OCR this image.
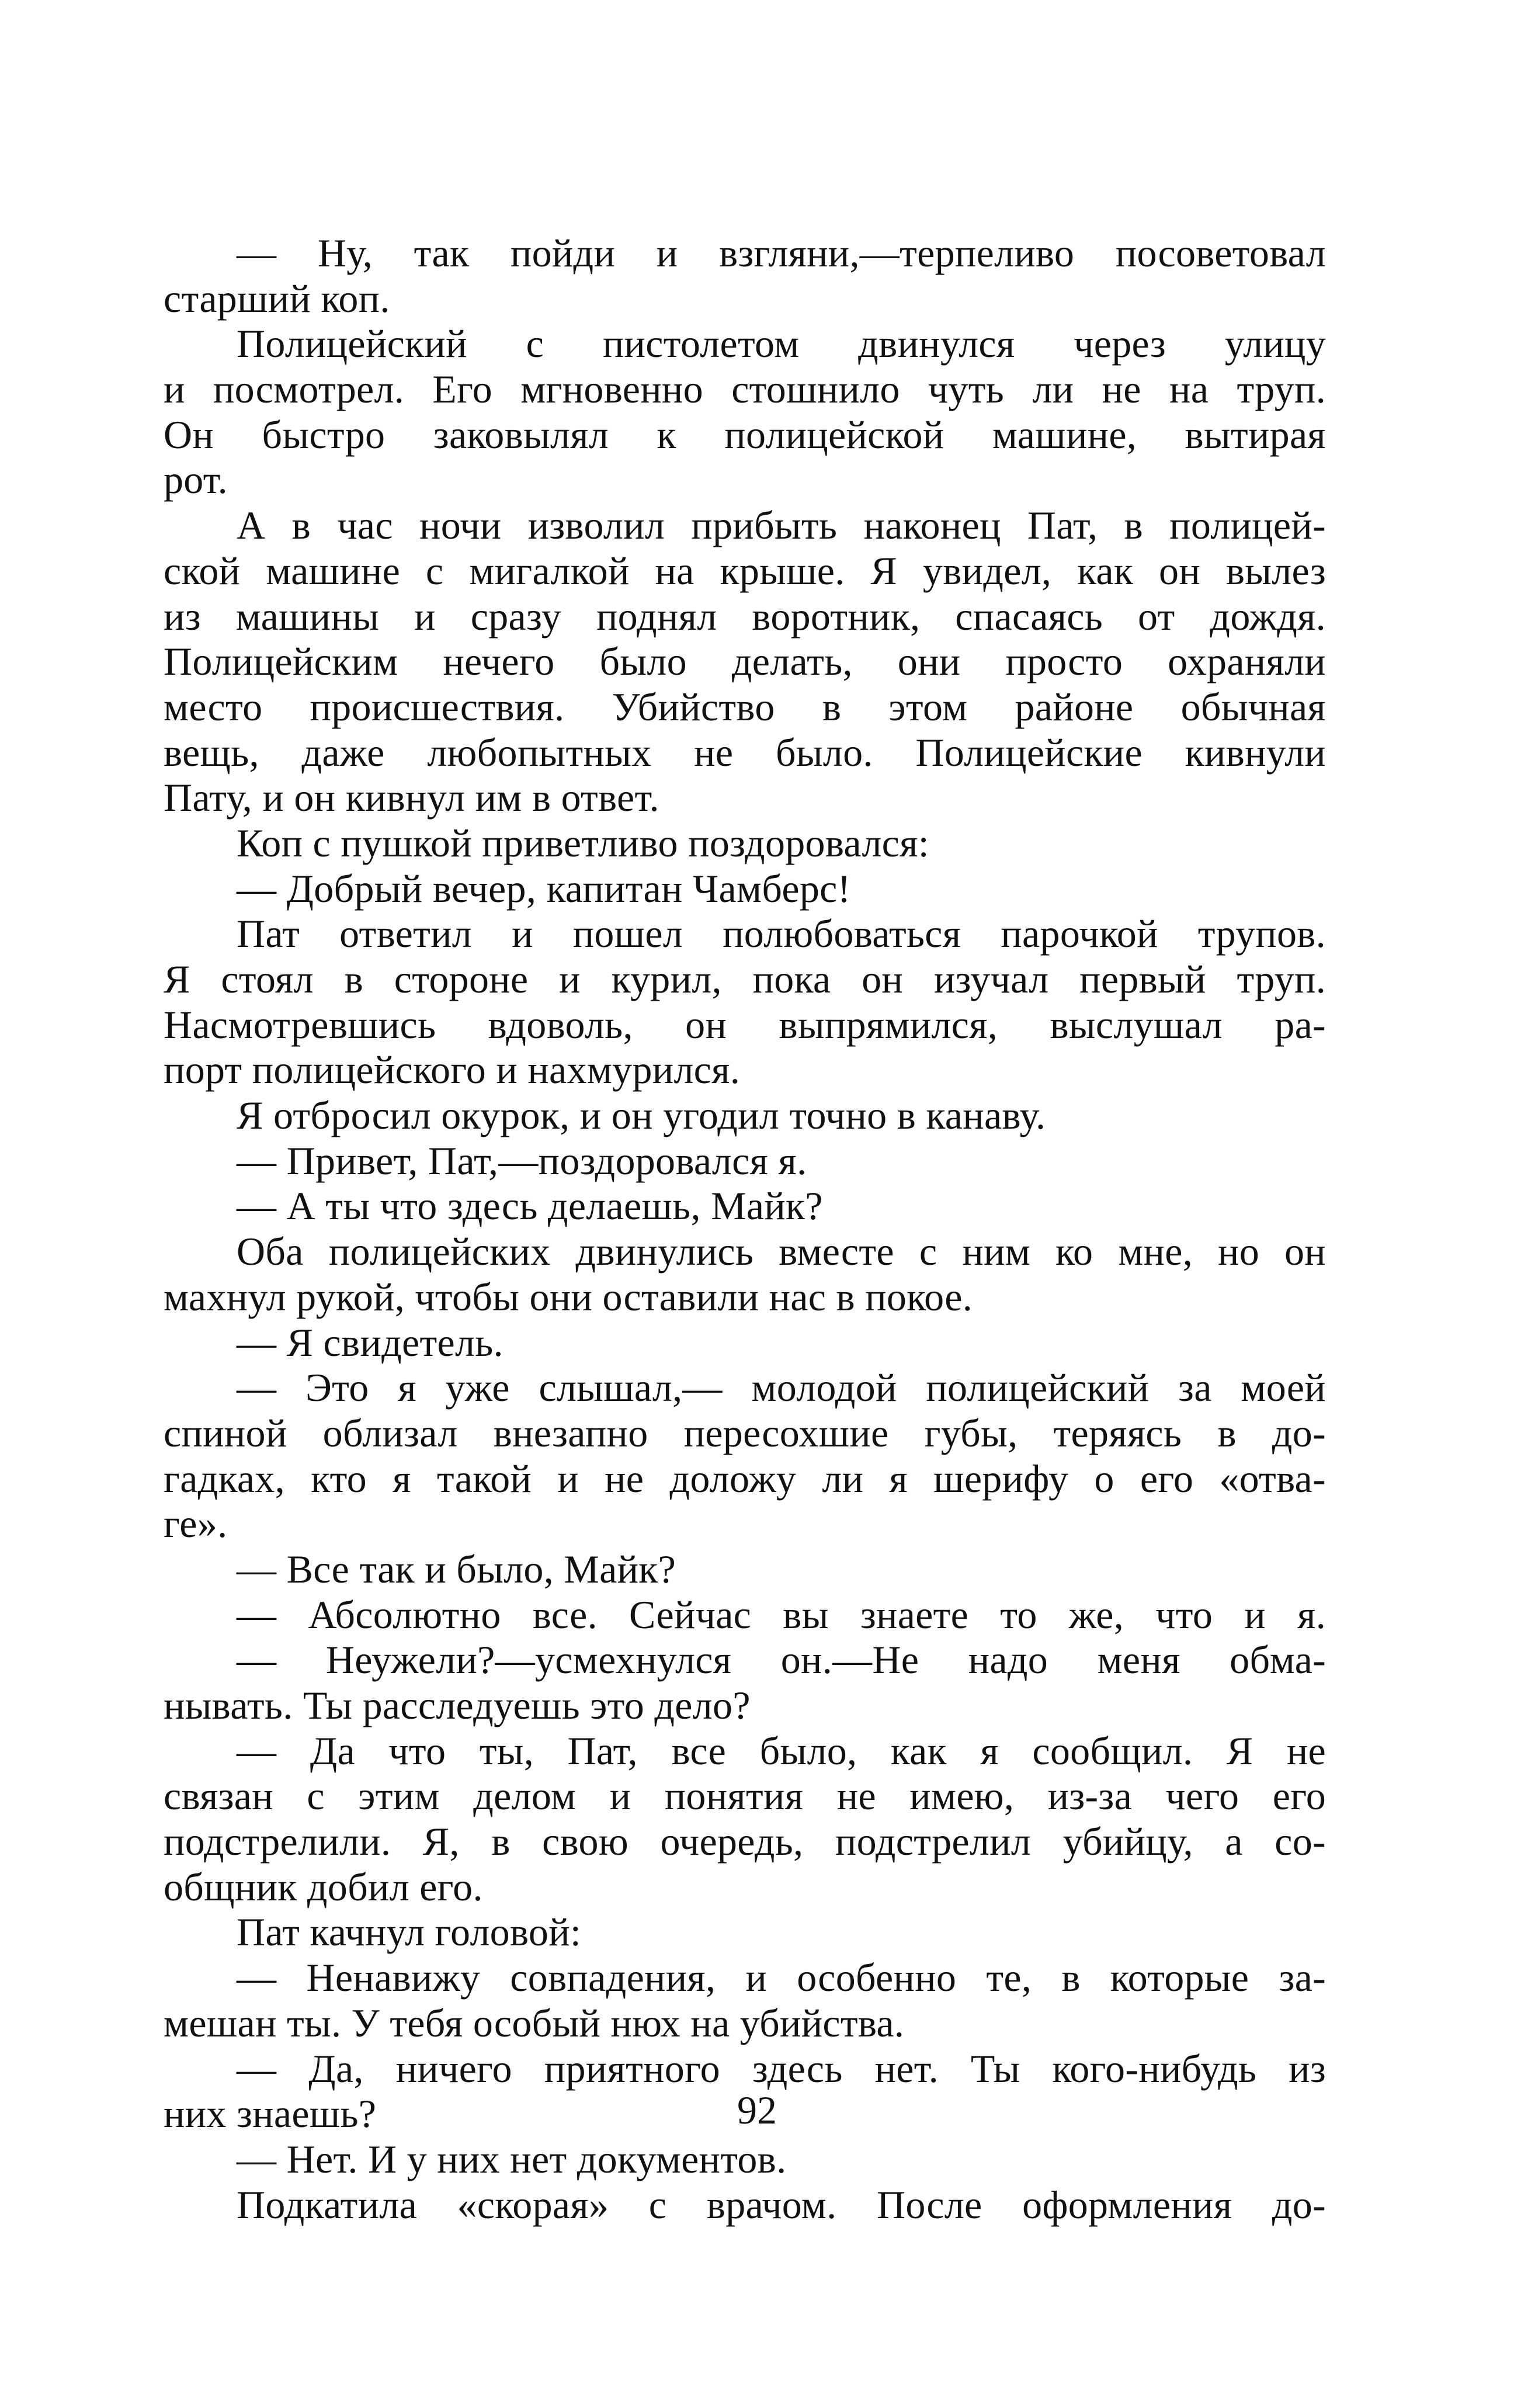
— Ну, так пойди и взгляни,—терпеливо посоветовал
старший коп.
Полицейский с пистолетом двинулся через улицу
и посмотрел. Его мгновенно стошнило чуть ли не на труп.
Он быстро заковылял к полицейской машине, вытирая
рот.
А в час ночи изволил прибыть наконец Пат, в полицей-
ской машине с мигалкой на крыше. Я увидел, как он вылез
из машины и сразу поднял воротник, спасаясь от дождя.
Полицейским нечего было делать, они просто охраняли
место происшествия. Убийство в этом районе обычная
вещь, даже любопытных не было. Полицейские кивнули
Пату, и он кивнул им в ответ.
Коп с пушкой приветливо поздоровался:
— Добрый вечер, капитан Чамберс!
Пат ответил и пошел полюбоваться парочкой трупов.
Я стоял в стороне и курил, пока он изучал первый труп.
Насмотревшись вдоволь, он выпрямился, выслушал ра-
порт полицейского и нахмурился.
Я отбросил окурок, и он угодил точно в канаву.
— Привет, Пат,—поздоровался я.
— А ты что здесь делаешь, Майк?
Оба полицейских двинулись вместе с ним ко мне, но он
махнул рукой, чтобы они оставили нас в покое.
— Я свидетель.
— Это я уже слышал,— молодой полицейский за моей
спиной облизал внезапно пересохшие губы, теряясь в до-
гадках, кто я такой и не доложу ли я шерифу о его «отва-
ге».
— Все так и было, Майк?
— Абсолютно все. Сейчас вы знаете то же, что и я.
— Неужели?—усмехнулся он.—Не надо меня обма-
нывать. Ты расследуешь это дело?
— Да что ты, Пат, все было, как я сообщил. Я не
связан с этим делом и понятия не имею, из-за чего его
подстрелили. Я, в свою очередь, подстрелил убийцу, а со-
общник добил его.
Пат качнул головой:
— Ненавижу совпадения, и особенно те, в которые за-
мешан ты. У тебя особый нюх на убийства.
— Да, ничего приятного здесь нет. Ты кого-нибудь из
них знаешь?
— Нет. И у них нет документов.
Подкатила «скорая» с врачом. После оформления до-
92
